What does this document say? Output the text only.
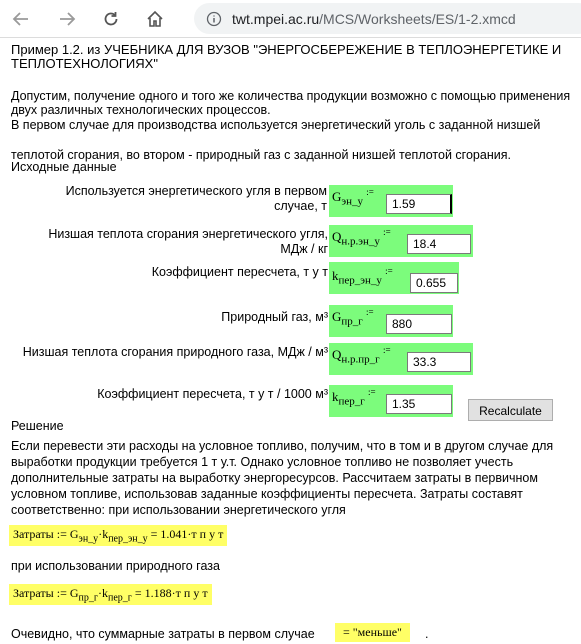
twt.mpei.ac.ru/MCS/Worksheets/ES/1-2.xmcd
Пример 1.2. из УЧЕБНИКА ДЛЯ ВУЗОВ "ЭНЕРГОСБЕРЕЖЕНИЕ В ТЕПЛОЭНЕРГЕТИКЕ И ТЕПЛОТЕХНОЛОГИЯХ"
Допустим, получение одного и того же количества продукции возможно с помощью применения двух различных технологических процессов.
В первом случае для производства используется энергетический уголь с заданной низшей
теплотой сгорания, во втором - природный газ с заданной низшей теплотой сгорания.
Исходные данные
Используется энергетического угля в первом случае, т
$G_{эн\_у}$ :=
1.59
Низшая теплота сгорания энергетического угля, МДж / кг
$Q_{н.р.эн\_у}$ :=
18.4
Коэффициент пересчета, т у т $k_{пер\_эн\_у}$ :=
0.655
Природный газ, м³ $G_{пр\_г}$ :=
880
Низшая теплота сгорания природного газа, МДж / м³ $Q_{н.р.пр\_г}$ :=
33.3
Коэффициент пересчета, т у т / 1000 м³ $k_{пер\_г}$ :=
1.35
Recalculate
Решение
Если перевести эти расходы на условное топливо, получим, что в том и в другом случае для выработки продукции требуется 1 т у.т. Однако условное топливо не позволяет учесть дополнительные затраты на выработку энергоресурсов. Рассчитаем затраты в первичном условном топливе, использовав заданные коэффициенты пересчета. Затраты составят соответственно: при использовании энергетического угля
Затраты := $G_{эн\_у}\cdot k_{пер\_эн\_у} = 1.041\cdot т$ п у т
при использовании природного газа
Затраты := $G_{пр\_г}\cdot k_{пер\_г} = 1.188\cdot т$ п у т
Очевидно, что суммарные затраты в первом случае	= "меньше"	.
